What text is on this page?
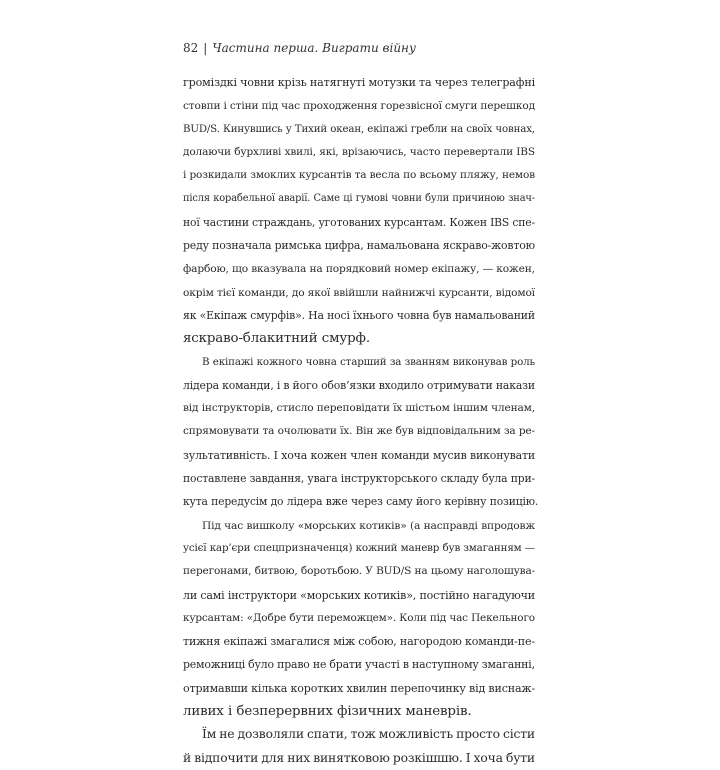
82 | Частина перша. Виграти війну
громіздкі човни крізь натягнуті мотузки та через телеграфні
стовпи і стіни під час проходження горезвісної смуги перешкод
BUD/S. Кинувшись у Тихий океан, екіпажі гребли на своїх човнах,
долаючи бурхливі хвилі, які, врізаючись, часто перевертали IBS
і розкидали змоклих курсантів та весла по всьому пляжу, немов
після корабельної аварії. Саме ці гумові човни були причиною знач-
ної частини страждань, уготованих курсантам. Кожен IBS спе-
реду позначала римська цифра, намальована яскраво-жовтою
фарбою, що вказувала на порядковий номер екіпажу, — кожен,
окрім тієї команди, до якої ввійшли найнижчі курсанти, відомої
як «Екіпаж смурфів». На носі їхнього човна був намальований
яскраво-блакитний смурф.
В екіпажі кожного човна старший за званням виконував роль
лідера команди, і в його обов’язки входило отримувати накази
від інструкторів, стисло переповідати їх шістьом іншим членам,
спрямовувати та очолювати їх. Він же був відповідальним за ре-
зультативність. І хоча кожен член команди мусив виконувати
поставлене завдання, увага інструкторського складу була при-
кута передусім до лідера вже через саму його керівну позицію.
Під час вишколу «морських котиків» (а насправді впродовж
усієї кар’єри спецпризначенця) кожний маневр був змаганням —
перегонами, битвою, боротьбою. У BUD/S на цьому наголошува-
ли самі інструктори «морських котиків», постійно нагадуючи
курсантам: «Добре бути переможцем». Коли під час Пекельного
тижня екіпажі змагалися між собою, нагородою команди-пе-
реможниці було право не брати участі в наступному змаганні,
отримавши кілька коротких хвилин перепочинку від виснаж-
ливих і безперервних фізичних маневрів.
Їм не дозволяли спати, тож можливість просто сісти
й відпочити для них винятковою розкішшю. І хоча бути
